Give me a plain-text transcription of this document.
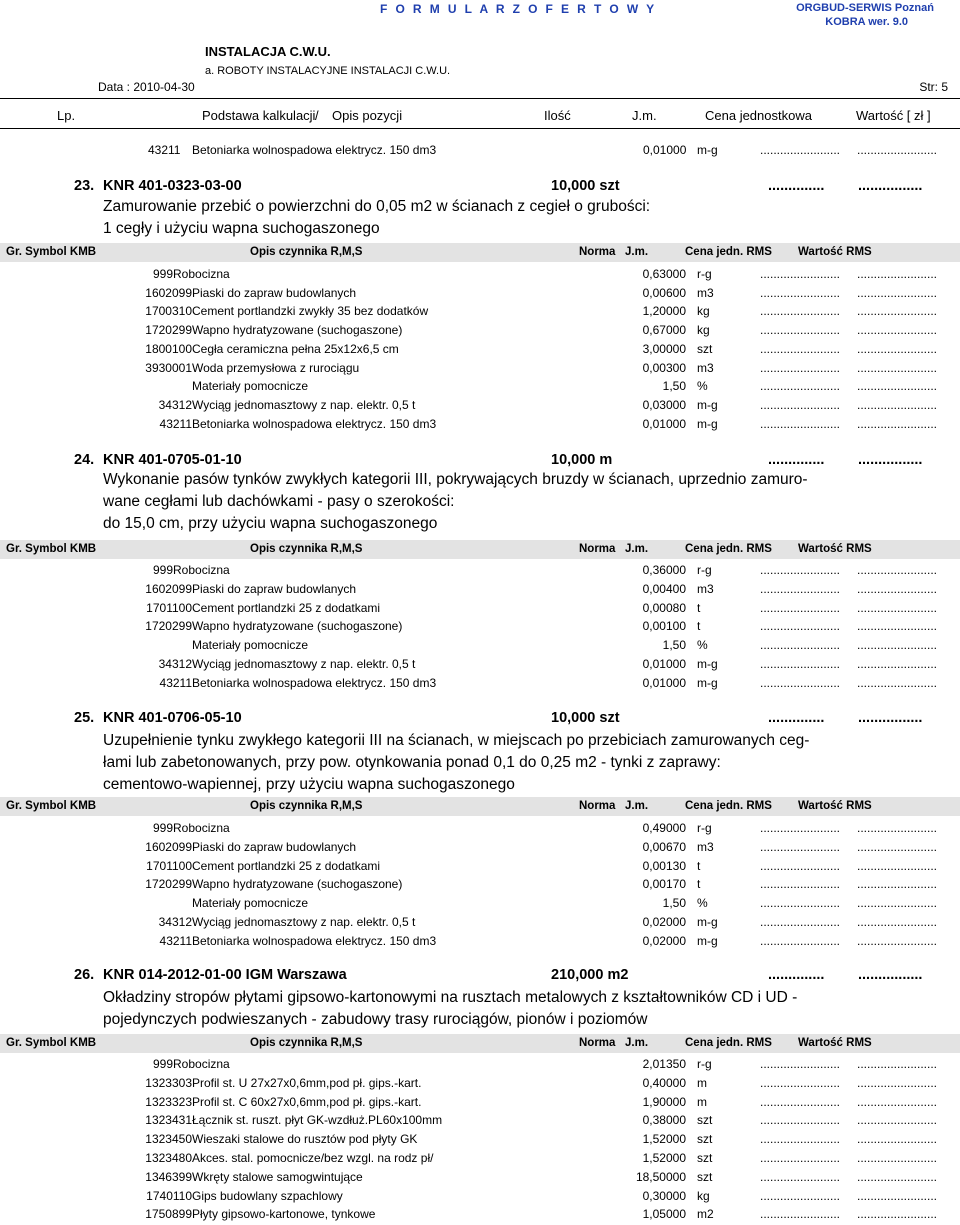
F O R M U L A R Z O F E R T O W Y	ORGBUD-SERWIS Poznań
KOBRA wer. 9.0
INSTALACJA C.W.U.
a. ROBOTY INSTALACYJNE INSTALACJI C.W.U.
Data : 2010-04-30	Str: 5
Lp.	Podstawa kalkulacji / Opis pozycji	Ilość	J.m.	Cena jednostkowa	Wartość [ zł ]
43211 Betoniarka wolnospadowa elektrycz. 150 dm3	0,01000 m-g	........................ ........................
23. KNR 401-0323-03-00	10,000 szt	.............. ................
Zamurowanie przebić o powierzchni do 0,05 m2 w ścianach z cegieł o grubości:
1 cegły i użyciu wapna suchogaszonego
Gr. Symbol KMB	Opis czynnika R,M,S	Norma J.m.	Cena jedn. RMS Wartość RMS
999 Robocizna	0,63000 r-g	........................ ........................
1602099 Piaski do zapraw budowlanych	0,00600 m3	........................ ........................
1700310 Cement portlandzki zwykły 35 bez dodatków	1,20000 kg	........................ ........................
1720299 Wapno hydratyzowane (suchogaszone)	0,67000 kg	........................ ........................
1800100 Cegła ceramiczna pełna 25x12x6,5 cm	3,00000 szt	........................ ........................
3930001 Woda przemysłowa z rurociągu	0,00300 m3	........................ ........................
Materiały pomocnicze	1,50 %	........................ ........................
34312 Wyciąg jednomasztowy z nap. elektr. 0,5 t	0,03000 m-g	........................ ........................
43211 Betoniarka wolnospadowa elektrycz. 150 dm3	0,01000 m-g	........................ ........................
24. KNR 401-0705-01-10	10,000 m	.............. ................
Wykonanie pasów tynków zwykłych kategorii III, pokrywających bruzdy w ścianach, uprzednio zamuro-
wane cegłami lub dachówkami - pasy o szerokości:
do 15,0 cm, przy użyciu wapna suchogaszonego
Gr. Symbol KMB	Opis czynnika R,M,S	Norma J.m.	Cena jedn. RMS Wartość RMS
999 Robocizna	0,36000 r-g	........................ ........................
1602099 Piaski do zapraw budowlanych	0,00400 m3	........................ ........................
1701100 Cement portlandzki 25 z dodatkami	0,00080 t	........................ ........................
1720299 Wapno hydratyzowane (suchogaszone)	0,00100 t	........................ ........................
Materiały pomocnicze	1,50 %	........................ ........................
34312 Wyciąg jednomasztowy z nap. elektr. 0,5 t	0,01000 m-g	........................ ........................
43211 Betoniarka wolnospadowa elektrycz. 150 dm3	0,01000 m-g	........................ ........................
25. KNR 401-0706-05-10	10,000 szt	.............. ................
Uzupełnienie tynku zwykłego kategorii III na ścianach, w miejscach po przebiciach zamurowanych ceg-
łami lub zabetonowanych, przy pow. otynkowania ponad 0,1 do 0,25 m2 - tynki z zaprawy:
cementowo-wapiennej, przy użyciu wapna suchogaszonego
Gr. Symbol KMB	Opis czynnika R,M,S	Norma J.m.	Cena jedn. RMS Wartość RMS
999 Robocizna	0,49000 r-g	........................ ........................
1602099 Piaski do zapraw budowlanych	0,00670 m3	........................ ........................
1701100 Cement portlandzki 25 z dodatkami	0,00130 t	........................ ........................
1720299 Wapno hydratyzowane (suchogaszone)	0,00170 t	........................ ........................
Materiały pomocnicze	1,50 %	........................ ........................
34312 Wyciąg jednomasztowy z nap. elektr. 0,5 t	0,02000 m-g	........................ ........................
43211 Betoniarka wolnospadowa elektrycz. 150 dm3	0,02000 m-g	........................ ........................
26. KNR 014-2012-01-00 IGM Warszawa	210,000 m2	.............. ................
Okładziny stropów płytami gipsowo-kartonowymi na rusztach metalowych z kształtowników CD i UD -
pojedynczych podwieszanych - zabudowy trasy rurociągów, pionów i poziomów
Gr. Symbol KMB	Opis czynnika R,M,S	Norma J.m.	Cena jedn. RMS Wartość RMS
999 Robocizna	2,01350 r-g	........................ ........................
1323303 Profil st. U 27x27x0,6mm,pod pł. gips.-kart.	0,40000 m	........................ ........................
1323323 Profil st. C 60x27x0,6mm,pod pł. gips.-kart.	1,90000 m	........................ ........................
1323431 Łącznik st. ruszt. płyt GK-wzdłuż.PL60x100mm	0,38000 szt	........................ ........................
1323450 Wieszaki stalowe do rusztów pod płyty GK	1,52000 szt	........................ ........................
1323480 Akces. stal. pomocnicze/bez wzgl. na rodz pł/	1,52000 szt	........................ ........................
1346399 Wkręty stalowe samogwintujące	18,50000 szt	........................ ........................
1740110 Gips budowlany szpachlowy	0,30000 kg	........................ ........................
1750899 Płyty gipsowo-kartonowe, tynkowe	1,05000 m2	........................ ........................
